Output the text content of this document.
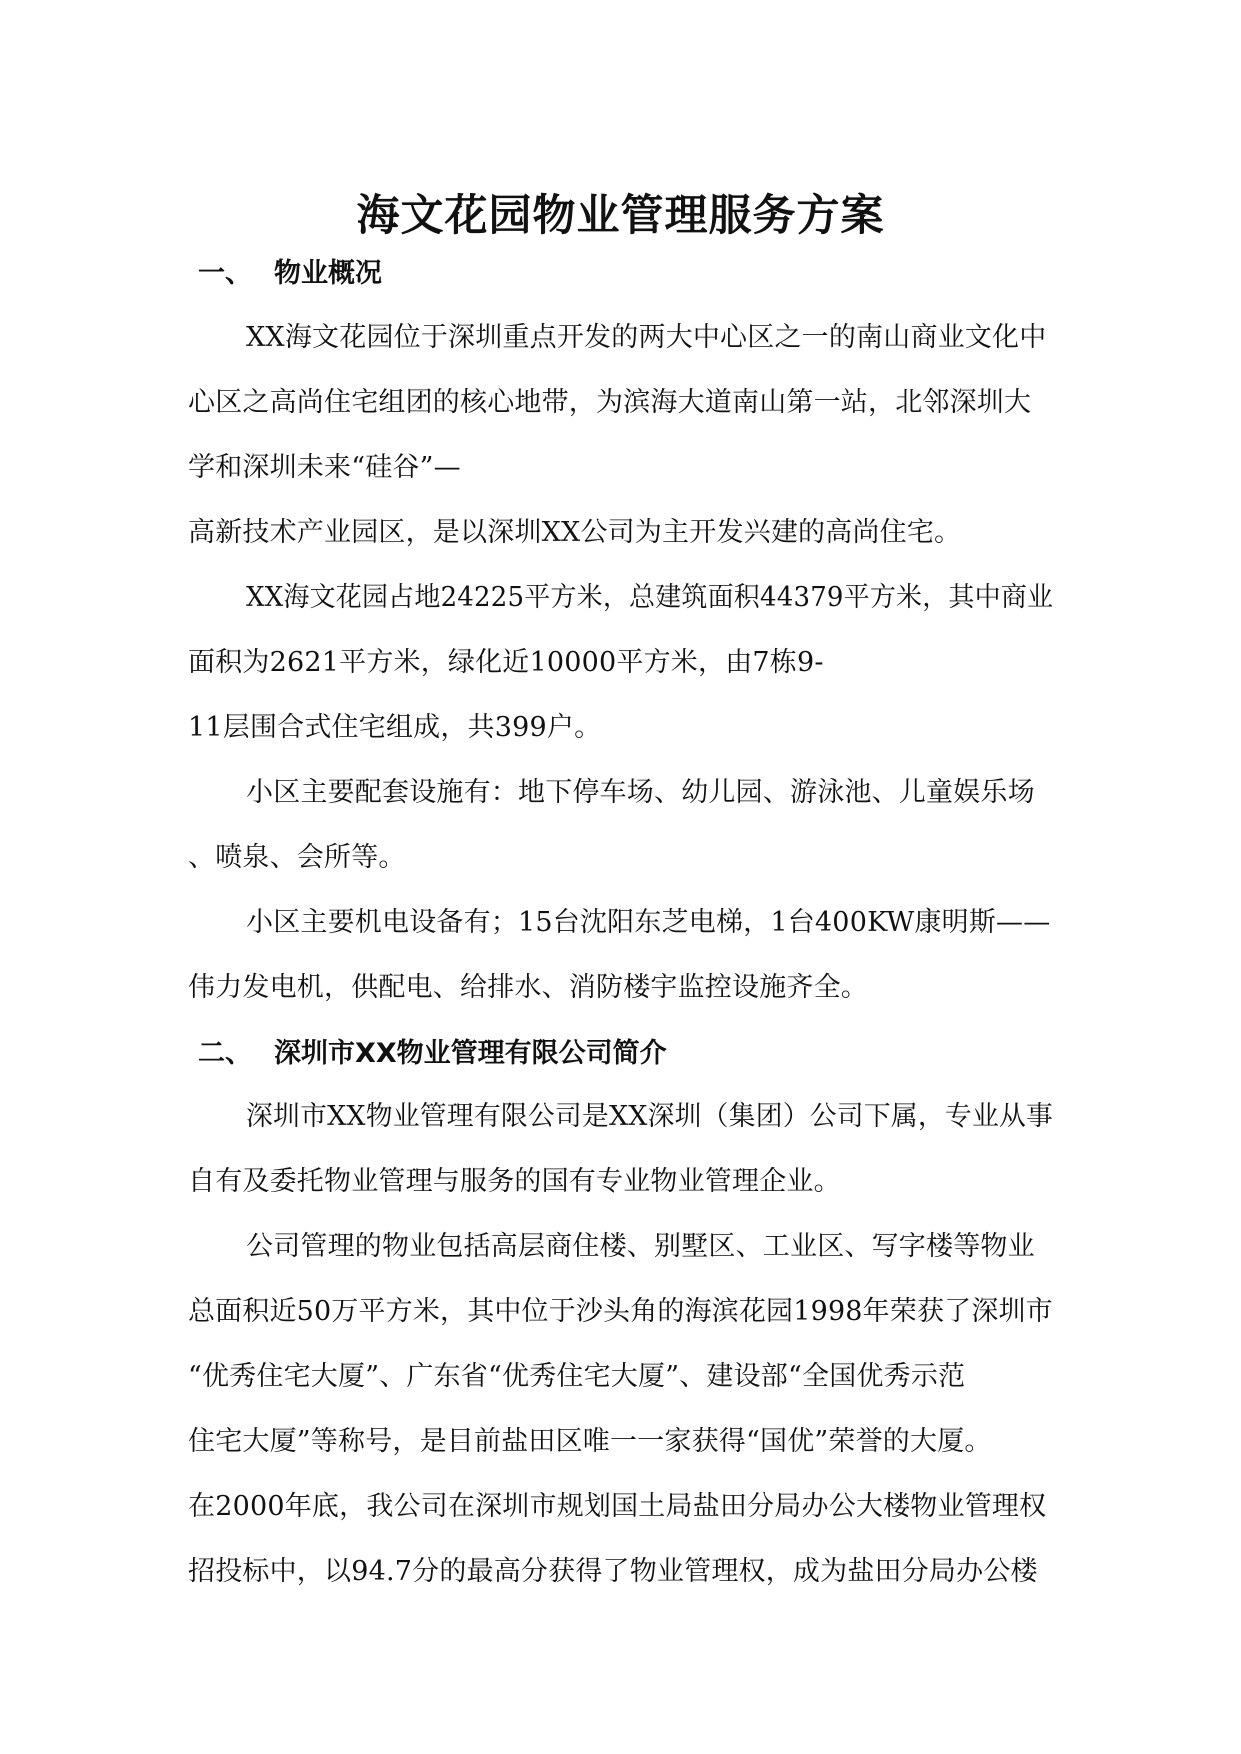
海文花园物业管理服务方案
一、 物业概况
XX海文花园位于深圳重点开发的两大中心区之一的南山商业文化中
心区之高尚住宅组团的核心地带，为滨海大道南山第一站，北邻深圳大
学和深圳未来“硅谷”—
高新技术产业园区，是以深圳XX公司为主开发兴建的高尚住宅。
XX海文花园占地24225平方米，总建筑面积44379平方米，其中商业
面积为2621平方米，绿化近10000平方米，由7栋9-
11层围合式住宅组成，共399户。
小区主要配套设施有：地下停车场、幼儿园、游泳池、儿童娱乐场
、喷泉、会所等。
小区主要机电设备有；15台沈阳东芝电梯，1台400KW康明斯——
伟力发电机，供配电、给排水、消防楼宇监控设施齐全。
二、 深圳市XX物业管理有限公司简介
深圳市XX物业管理有限公司是XX深圳（集团）公司下属，专业从事
自有及委托物业管理与服务的国有专业物业管理企业。
公司管理的物业包括高层商住楼、别墅区、工业区、写字楼等物业
总面积近50万平方米，其中位于沙头角的海滨花园1998年荣获了深圳市
“优秀住宅大厦”、广东省“优秀住宅大厦”、建设部“全国优秀示范
住宅大厦”等称号，是目前盐田区唯一一家获得“国优”荣誉的大厦。
在2000年底，我公司在深圳市规划国土局盐田分局办公大楼物业管理权
招投标中，以94.7分的最高分获得了物业管理权，成为盐田分局办公楼
